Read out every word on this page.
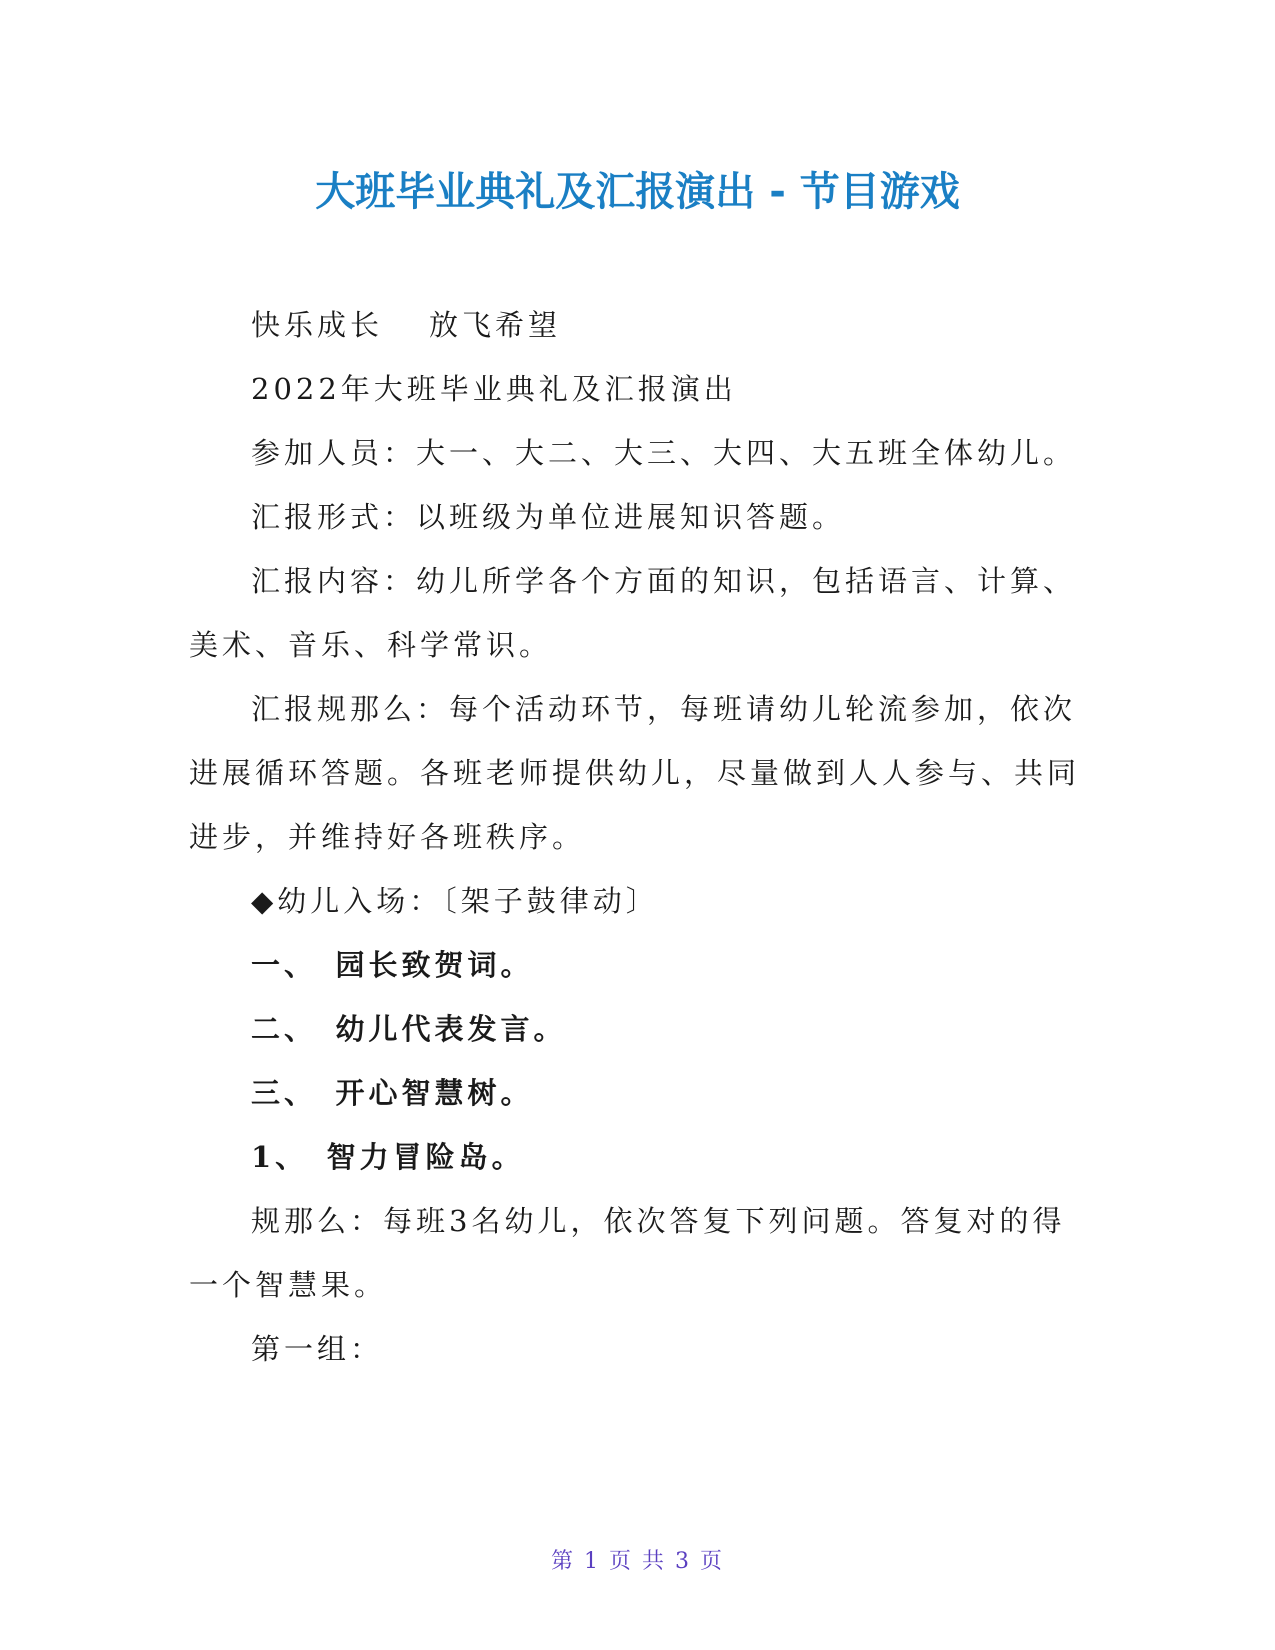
大班毕业典礼及汇报演出 - 节目游戏

快乐成长 放飞希望

2022年大班毕业典礼及汇报演出

参加人员：大一、大二、大三、大四、大五班全体幼儿。

汇报形式：以班级为单位进展知识答题。

汇报内容：幼儿所学各个方面的知识，包括语言、计算、美术、音乐、科学常识。

汇报规那么：每个活动环节，每班请幼儿轮流参加，依次进展循环答题。各班老师提供幼儿，尽量做到人人参与、共同进步，并维持好各班秩序。

◆幼儿入场：〔架子鼓律动〕

一、　园长致贺词。

二、　幼儿代表发言。

三、　开心智慧树。

1、　智力冒险岛。

规那么：每班3名幼儿，依次答复下列问题。答复对的得一个智慧果。

第一组：

第 1 页 共 3 页
